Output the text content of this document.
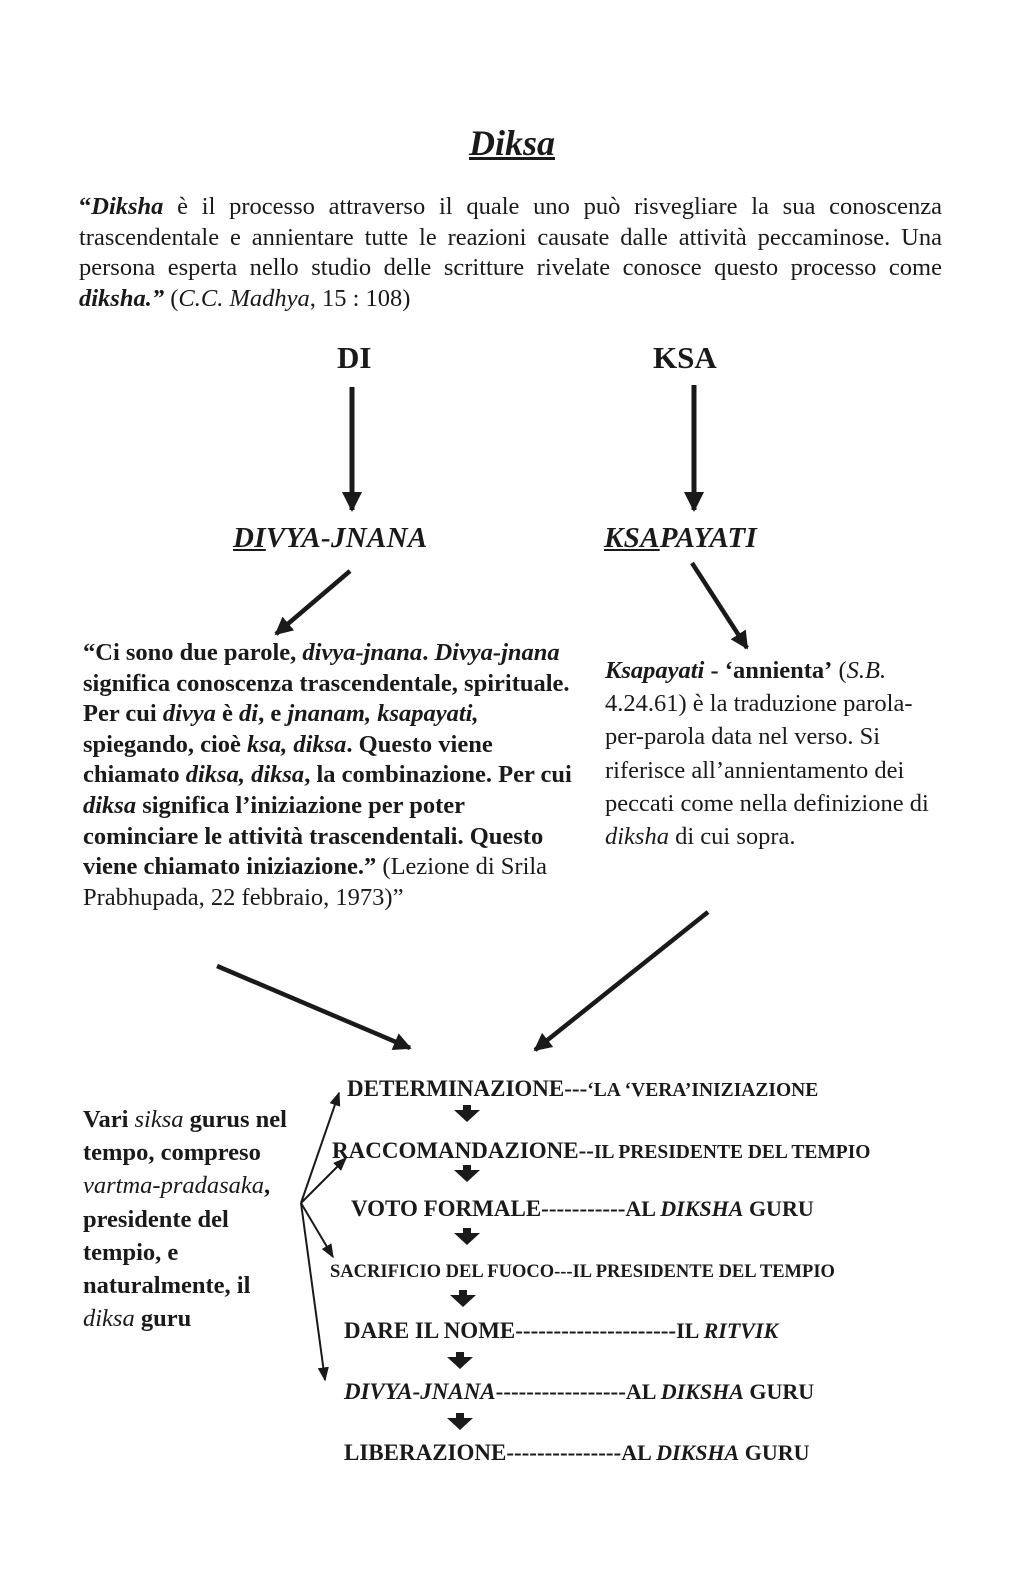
Diksa

“Diksha è il processo attraverso il quale uno può risvegliare la sua conoscenza trascendentale e annientare tutte le reazioni causate dalle attività peccaminose. Una persona esperta nello studio delle scritture rivelate conosce questo processo come diksha.” (C.C. Madhya, 15 : 108)

DI	KSA
DIVYA-JNANA	KSAPAYATI

“Ci sono due parole, divya-jnana. Divya-jnana significa conoscenza trascendentale, spirituale. Per cui divya è di, e jnanam, ksapayati, spiegando, cioè ksa, diksa. Questo viene chiamato diksa, diksa, la combinazione. Per cui diksa significa l’iniziazione per poter cominciare le attività trascendentali. Questo viene chiamato iniziazione.” (Lezione di Srila Prabhupada, 22 febbraio, 1973)”

Ksapayati - ‘annienta’ (S.B. 4.24.61) è la traduzione parola-per-parola data nel verso. Si riferisce all’annientamento dei peccati come nella definizione di diksha di cui sopra.

Vari siksa gurus nel tempo, compreso vartma-pradasaka, presidente del tempio, e naturalmente, il diksa guru

DETERMINAZIONE---‘LA ‘VERA’INIZIAZIONE
RACCOMANDAZIONE--IL PRESIDENTE DEL TEMPIO
VOTO FORMALE-----------AL DIKSHA GURU
SACRIFICIO DEL FUOCO---IL PRESIDENTE DEL TEMPIO
DARE IL NOME---------------------IL RITVIK
DIVYA-JNANA-----------------AL DIKSHA GURU
LIBERAZIONE---------------AL DIKSHA GURU
